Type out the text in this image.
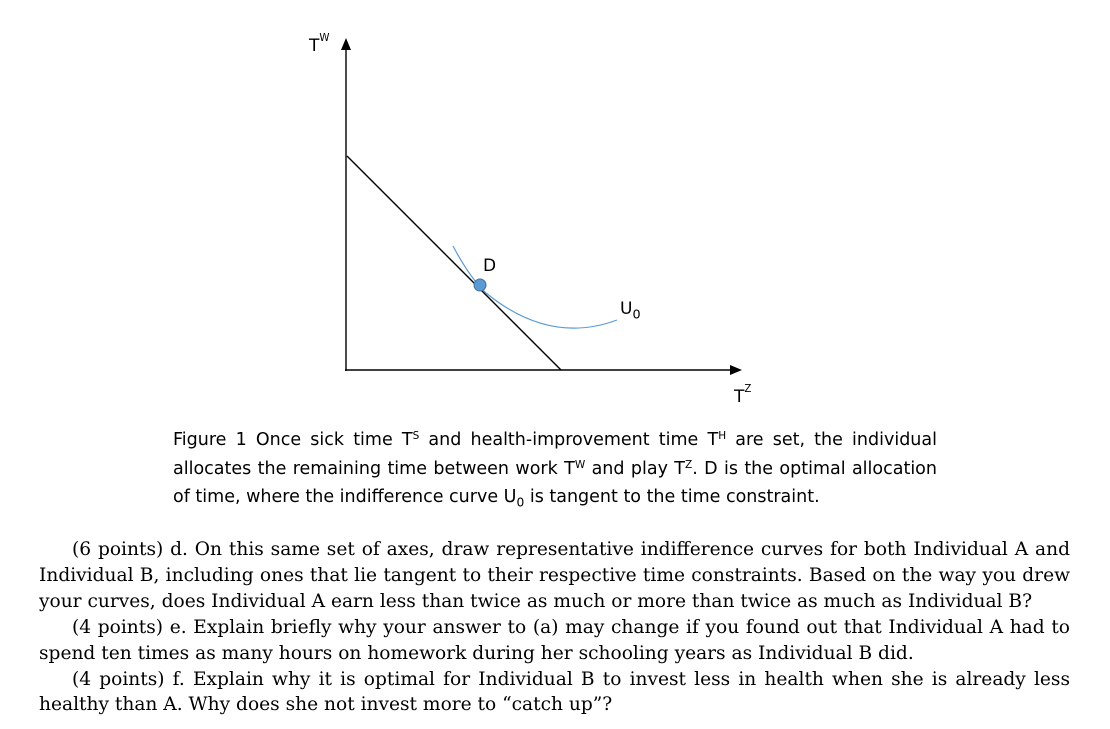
$T^W$
$T^Z$
D
$U_0$
Figure 1 Once sick time $T^S$ and health-improvement time $T^H$ are set, the individual allocates the remaining time between work $T^W$ and play $T^Z$. D is the optimal allocation of time, where the indifference curve $U_0$ is tangent to the time constraint.

(6 points) d. On this same set of axes, draw representative indifference curves for both Individual A and Individual B, including ones that lie tangent to their respective time constraints. Based on the way you drew your curves, does Individual A earn less than twice as much or more than twice as much as Individual B?

(4 points) e. Explain briefly why your answer to (a) may change if you found out that Individual A had to spend ten times as many hours on homework during her schooling years as Individual B did.

(4 points) f. Explain why it is optimal for Individual B to invest less in health when she is already less healthy than A. Why does she not invest more to “catch up”?
